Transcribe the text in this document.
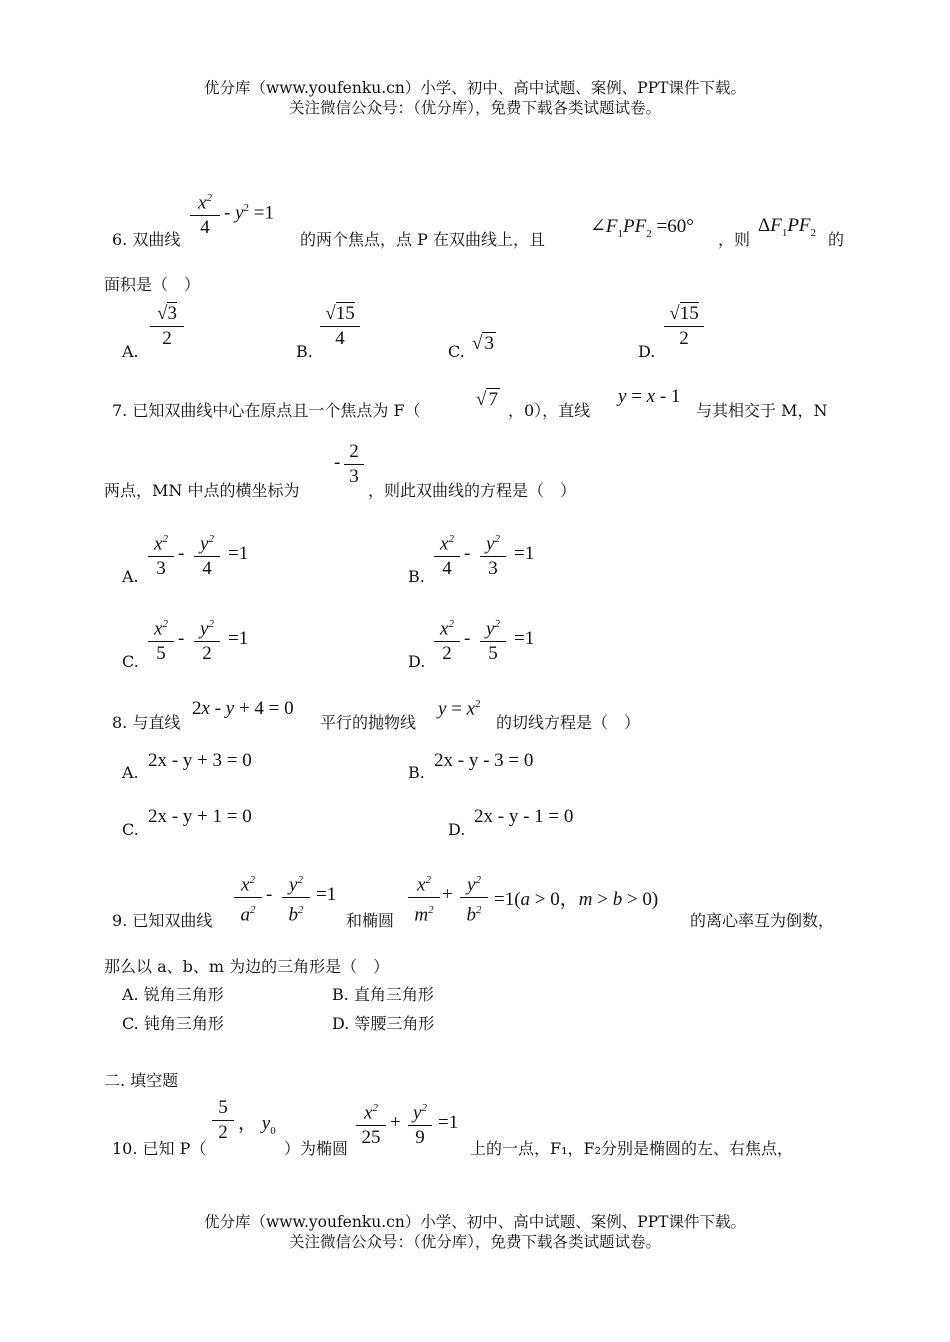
优分库（www.youfenku.cn）小学、初中、高中试题、案例、PPT课件下载。
关注微信公众号：（优分库），免费下载各类试题试卷。
6. 双曲线
$x^2$
4
- $y^2 =1$
的两个焦点，点 P 在双曲线上，且
$\angle F_1PF_2 =60^\circ$
，则
$\Delta F_1PF_2$ 的
面积是（　）
A.
√3
2
B.
√15
4
C. √ 3	D.
√15
2
7. 已知双曲线中心在原点且一个焦点为 F（
√ 7
，0），直线
y = x - 1
与其相交于 M，N
两点，MN 中点的横坐标为
-
2
3
，则此双曲线的方程是（　）
A.
$x^2$
3
- $y^2$
4
=1
B.
$x^2$
4
- $y^2$
3
=1
C.
$x^2$
5
- $y^2$
2
=1
D.
$x^2$
2
- $y^2$
5
=1
8. 与直线
2x - y + 4 = 0
平行的抛物线
$y = x^2$
的切线方程是（　）
A.
2x - y + 3 = 0
B.
2x - y - 3 = 0
C.
2x - y + 1 = 0
D.
2x - y - 1 = 0
9. 已知双曲线
$x^2$
$a^2$
- $y^2$
$b^2$
=1
和椭圆
$x^2$
$m^2$
+ $y^2$
$b^2$
=1(a > 0，m > b > 0)
的离心率互为倒数，
那么以 a、b、m 为边的三角形是（　）
A. 锐角三角形	B. 直角三角形
C. 钝角三角形	D. 等腰三角形
二. 填空题
10. 已知 P（
5
2 ， $y_0$
）为椭圆
$x^2$
25
+ $y^2$
9
=1
上的一点，F₁，F₂分别是椭圆的左、右焦点，
优分库（www.youfenku.cn）小学、初中、高中试题、案例、PPT课件下载。
关注微信公众号：（优分库），免费下载各类试题试卷。
